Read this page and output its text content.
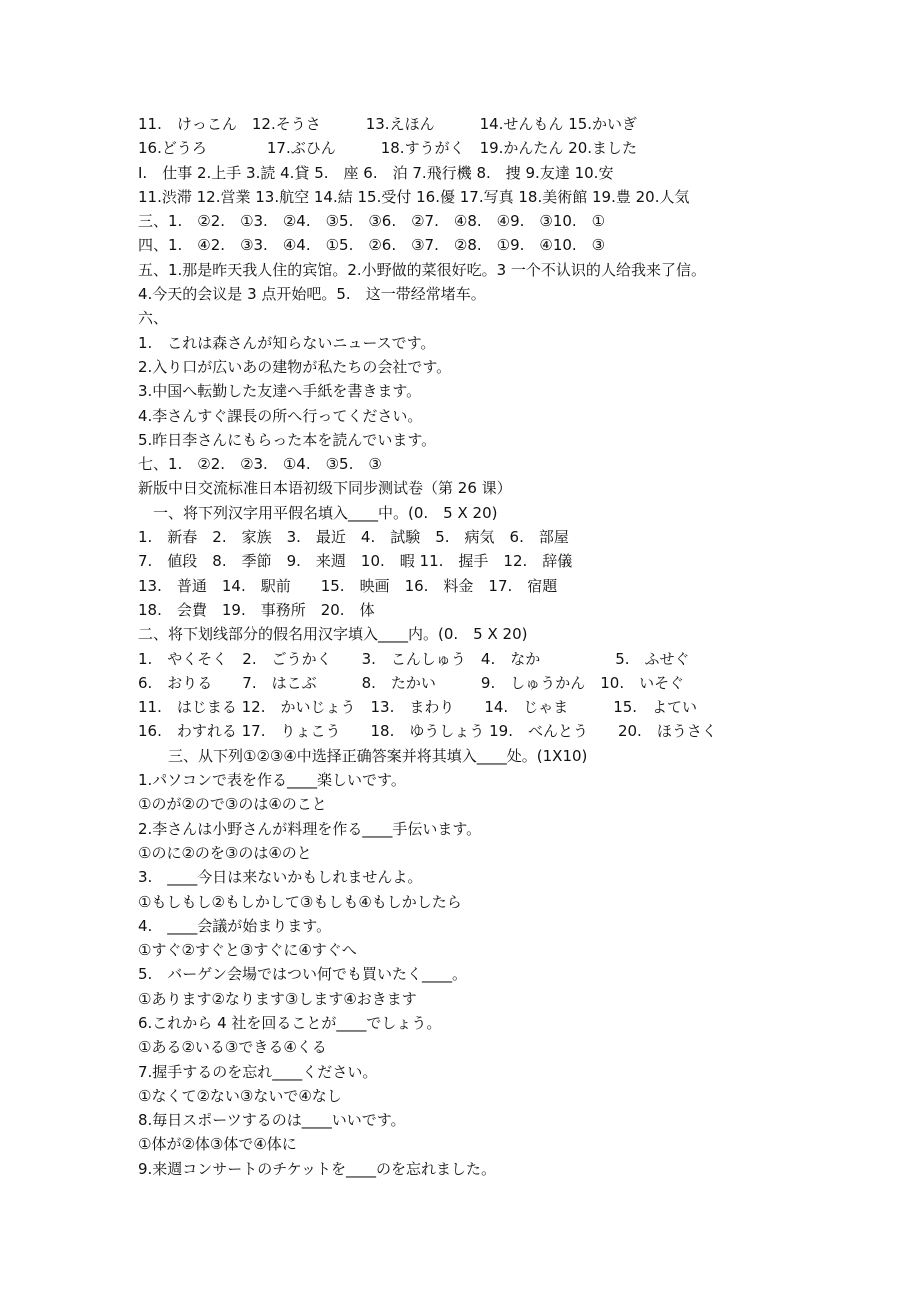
11.　けっこん　12.そうさ　　　13.えほん　　　14.せんもん 15.かいぎ
16.どうろ　　　　17.ぶひん　　　18.すうがく　19.かんたん 20.ました
I.　仕事 2.上手 3.読 4.貸 5.　座 6.　泊 7.飛行機 8.　捜 9.友達 10.安
11.渋滞 12.営業 13.航空 14.結 15.受付 16.優 17.写真 18.美術館 19.豊 20.人気
三、1.　②2.　①3.　②4.　③5.　③6.　②7.　④8.　④9.　③10.　①
四、1.　④2.　③3.　④4.　①5.　②6.　③7.　②8.　①9.　④10.　③
五、1.那是昨天我人住的宾馆。2.小野做的菜很好吃。3 一个不认识的人给我来了信。
4.今天的会议是 3 点开始吧。5.　这一带经常堵车。
六、
1.　これは森さんが知らないニュースです。
2.入り口が広いあの建物が私たちの会社です。
3.中国へ転勤した友達へ手紙を書きます。
4.李さんすぐ課長の所へ行ってください。
5.昨日李さんにもらった本を読んでいます。
七、1.　②2.　②3.　①4.　③5.　③
新版中日交流标准日本语初级下同步测试卷（第 26 课）
　一、将下列汉字用平假名填入____中。(0.　5 X 20)
1.　新春　2.　家族　3.　最近　4.　試験　5.　病気　6.　部屋
7.　値段　8.　季節　9.　来週　10.　暇 11.　握手　12.　辞儀
13.　普通　14.　駅前　　15.　映画　16.　料金　17.　宿題
18.　会費　19.　事務所　20.　体
二、将下划线部分的假名用汉字填入____内。(0.　5 X 20)
1.　やくそく　2.　ごうかく　　3.　こんしゅう　4.　なか　　　　　5.　ふせぐ
6.　おりる　　7.　はこぶ　　　8.　たかい　　　9.　しゅうかん　10.　いそぐ
11.　はじまる 12.　かいじょう　13.　まわり　　14.　じゃま　　　15.　よてい
16.　わすれる 17.　りょこう　　18.　ゆうしょう 19.　べんとう　　20.　ほうさく
　　三、从下列①②③④中选择正确答案并将其填入____处。(1X10)
1.パソコンで表を作る____楽しいです。
①のが②ので③のは④のこと
2.李さんは小野さんが料理を作る____手伝います。
①のに②のを③のは④のと
3.　____今日は来ないかもしれませんよ。
①もしもし②もしかして③もしも④もしかしたら
4.　____会議が始まります。
①すぐ②すぐと③すぐに④すぐへ
5.　バーゲン会場ではつい何でも買いたく____。
①あります②なります③します④おきます
6.これから 4 社を回ることが____でしょう。
①ある②いる③できる④くる
7.握手するのを忘れ____ください。
①なくて②ない③ないで④なし
8.毎日スポーツするのは____いいです。
①体が②体③体で④体に
9.来週コンサートのチケットを____のを忘れました。
